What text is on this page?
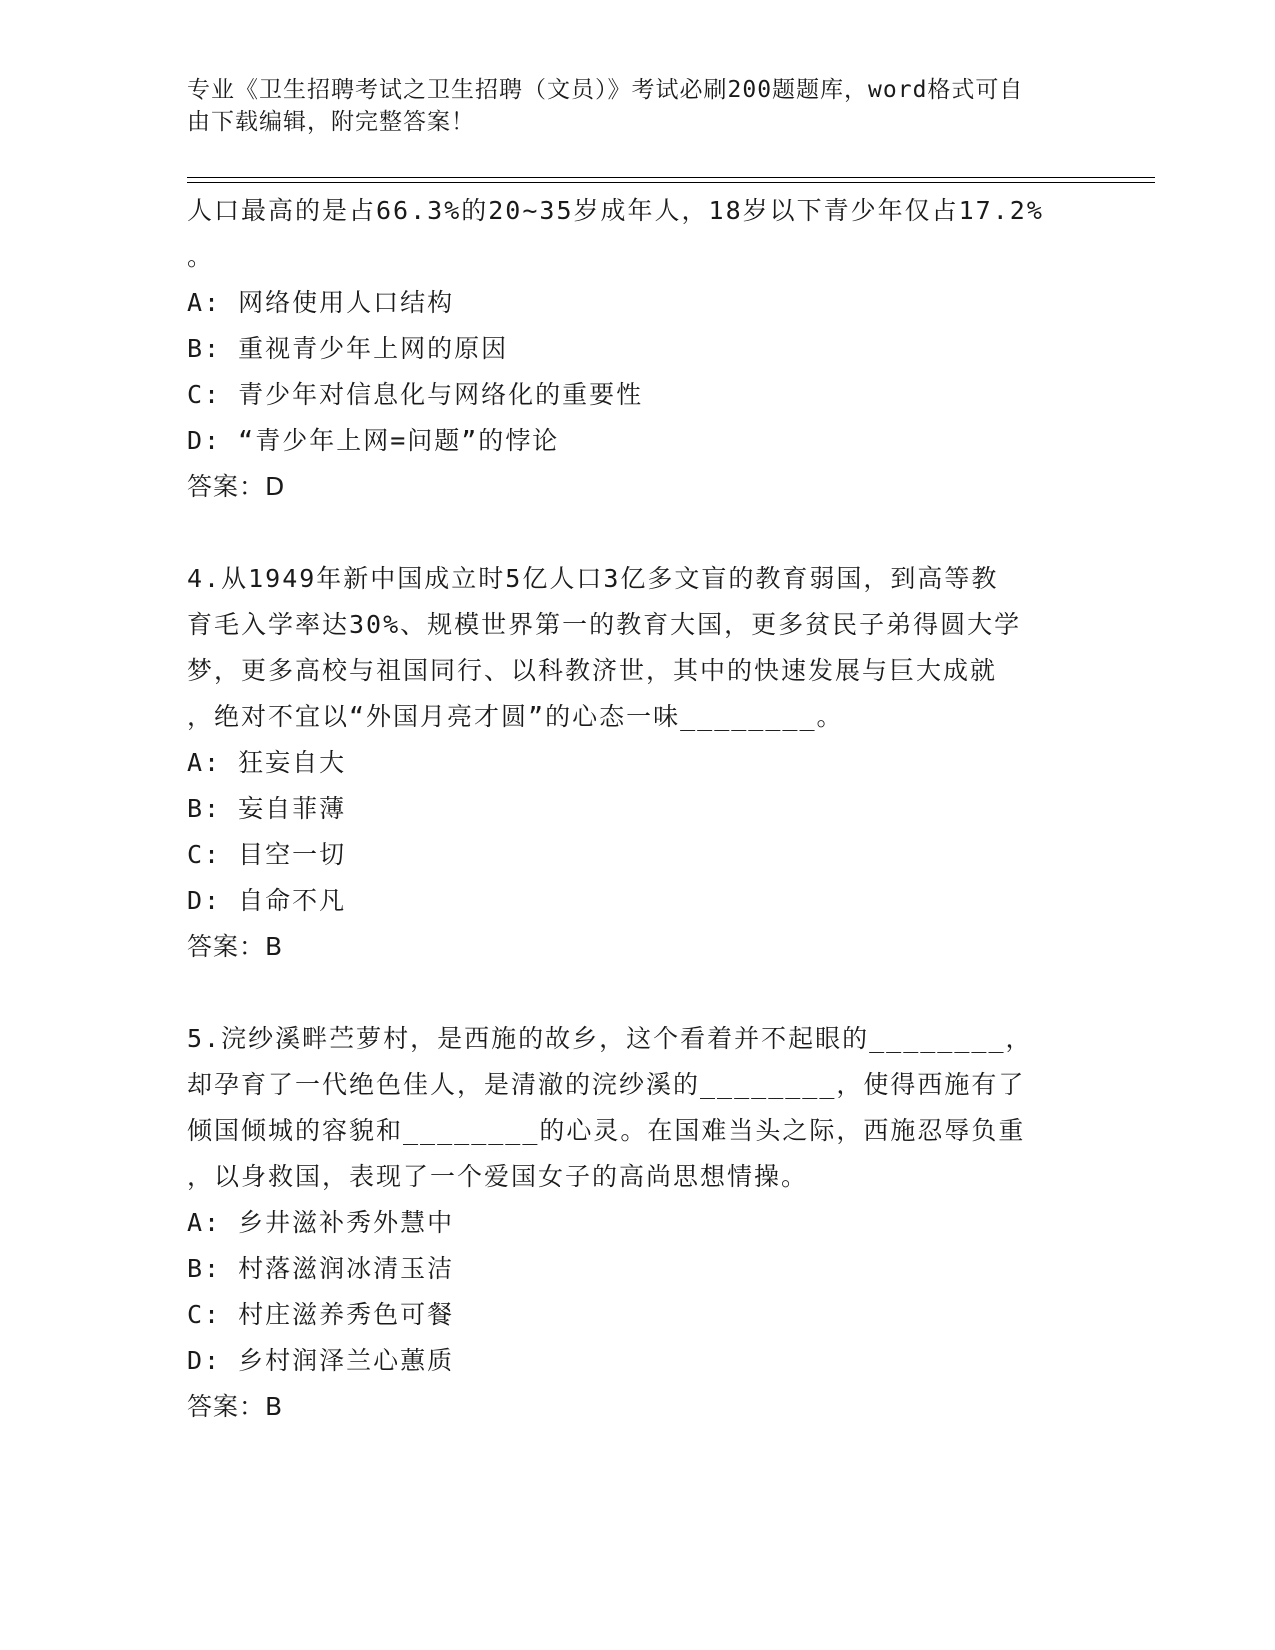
专业《卫生招聘考试之卫生招聘（文员）》考试必刷200题题库，word格式可自
由下载编辑，附完整答案！
人口最高的是占66.3%的20~35岁成年人，18岁以下青少年仅占17.2%
。
A: 网络使用人口结构
B: 重视青少年上网的原因
C: 青少年对信息化与网络化的重要性
D: “青少年上网=问题”的悖论
答案：D
4.从1949年新中国成立时5亿人口3亿多文盲的教育弱国，到高等教
育毛入学率达30%、规模世界第一的教育大国，更多贫民子弟得圆大学
梦，更多高校与祖国同行、以科教济世，其中的快速发展与巨大成就
，绝对不宜以“外国月亮才圆”的心态一味________。
A: 狂妄自大
B: 妄自菲薄
C: 目空一切
D: 自命不凡
答案：B
5.浣纱溪畔苎萝村，是西施的故乡，这个看着并不起眼的________，
却孕育了一代绝色佳人，是清澈的浣纱溪的________，使得西施有了
倾国倾城的容貌和________的心灵。在国难当头之际，西施忍辱负重
，以身救国，表现了一个爱国女子的高尚思想情操。
A: 乡井滋补秀外慧中
B: 村落滋润冰清玉洁
C: 村庄滋养秀色可餐
D: 乡村润泽兰心蕙质
答案：B
